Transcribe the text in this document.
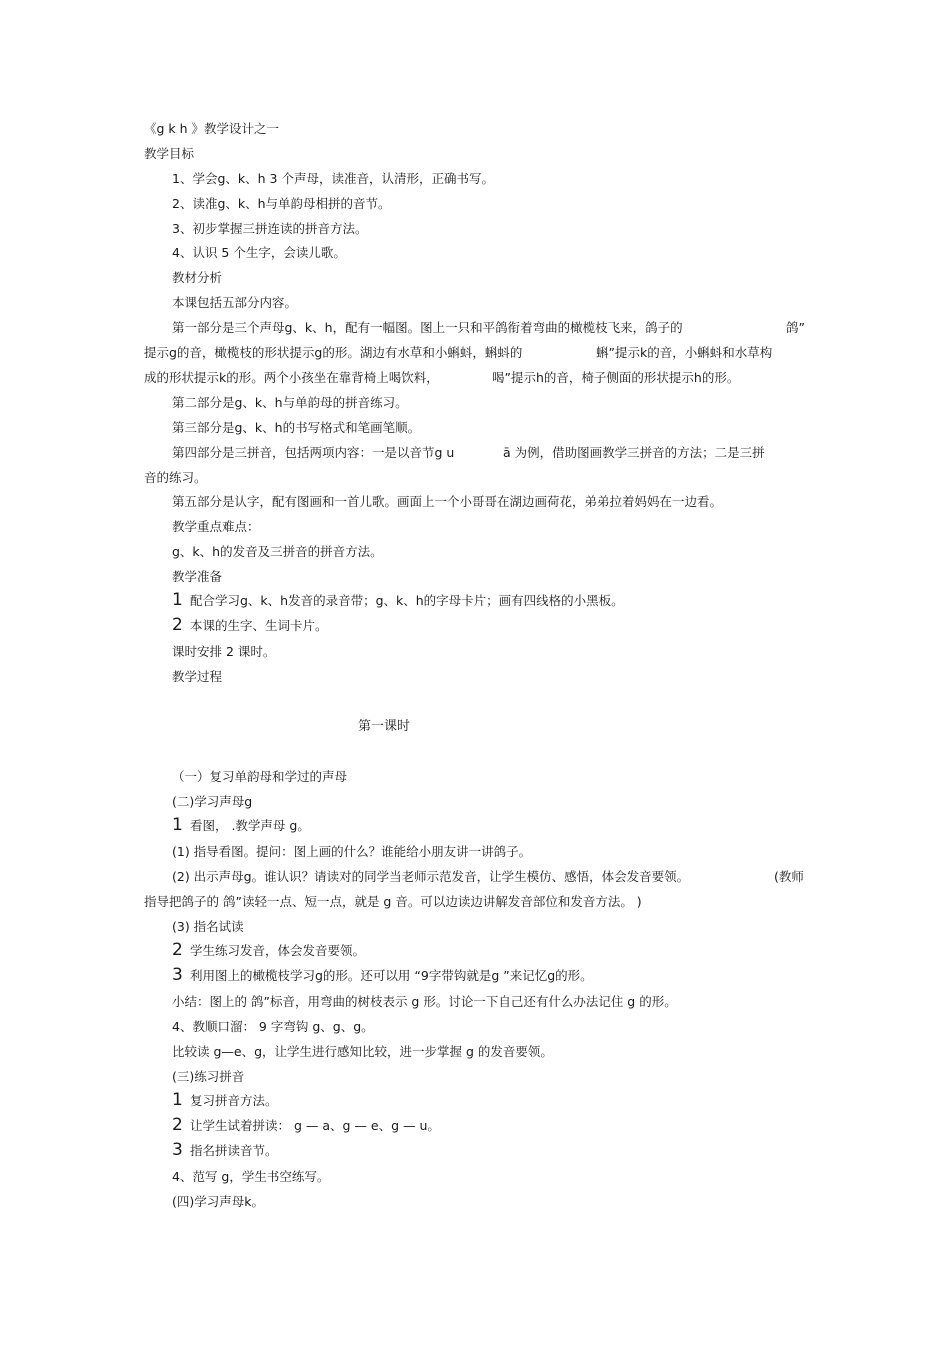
《g k h 》教学设计之一
教学目标
1、学会g、k、h 3 个声母，读准音，认清形，正确书写。
2、读准g、k、h与单韵母相拼的音节。
3、初步掌握三拼连读的拼音方法。
4、认识 5 个生字，会读儿歌。
教材分析
本课包括五部分内容。
第一部分是三个声母g、k、h，配有一幅图。图上一只和平鸽衔着弯曲的橄榄枝飞来，鸽子的	鸽”
提示g的音，橄榄枝的形状提示g的形。湖边有水草和小蝌蚪，蝌蚪的	蝌”提示k的音，小蝌蚪和水草构
成的形状提示k的形。两个小孩坐在靠背椅上喝饮料，	喝”提示h的音，椅子侧面的形状提示h的形。
第二部分是g、k、h与单韵母的拼音练习。
第三部分是g、k、h的书写格式和笔画笔顺。
第四部分是三拼音，包括两项内容：一是以音节g u	ā 为例，借助图画教学三拼音的方法；二是三拼
音的练习。
第五部分是认字，配有图画和一首儿歌。画面上一个小哥哥在湖边画荷花，弟弟拉着妈妈在一边看。
教学重点难点：
g、k、h的发音及三拼音的拼音方法。
教学准备
1 配合学习g、k、h发音的录音带；g、k、h的字母卡片；画有四线格的小黑板。
2 本课的生字、生词卡片。
课时安排 2 课时。
教学过程
第一课时
（一）复习单韵母和学过的声母
(二)学习声母g
1 看图， .教学声母 g。
(1) 指导看图。提问：图上画的什么？谁能给小朋友讲一讲鸽子。
(2) 出示声母g。谁认识？请读对的同学当老师示范发音，让学生模仿、感悟，体会发音要领。	(教师
指导把鸽子的 鸽”读轻一点、短一点，就是 g 音。可以边读边讲解发音部位和发音方法。 )
(3) 指名试读
2 学生练习发音，体会发音要领。
3 利用图上的橄榄枝学习g的形。还可以用 “9字带钩就是g ”来记忆g的形。
小结：图上的 鸽”标音，用弯曲的树枝表示 g 形。讨论一下自己还有什么办法记住 g 的形。
4、教顺口溜： 9 字弯钩 g、g、g。
比较读 g—e、g，让学生进行感知比较，进一步掌握 g 的发音要领。
(三)练习拼音
1 复习拼音方法。
2 让学生试着拼读： g — a、g — e、g — u。
3 指名拼读音节。
4、范写 g，学生书空练写。
(四)学习声母k。
